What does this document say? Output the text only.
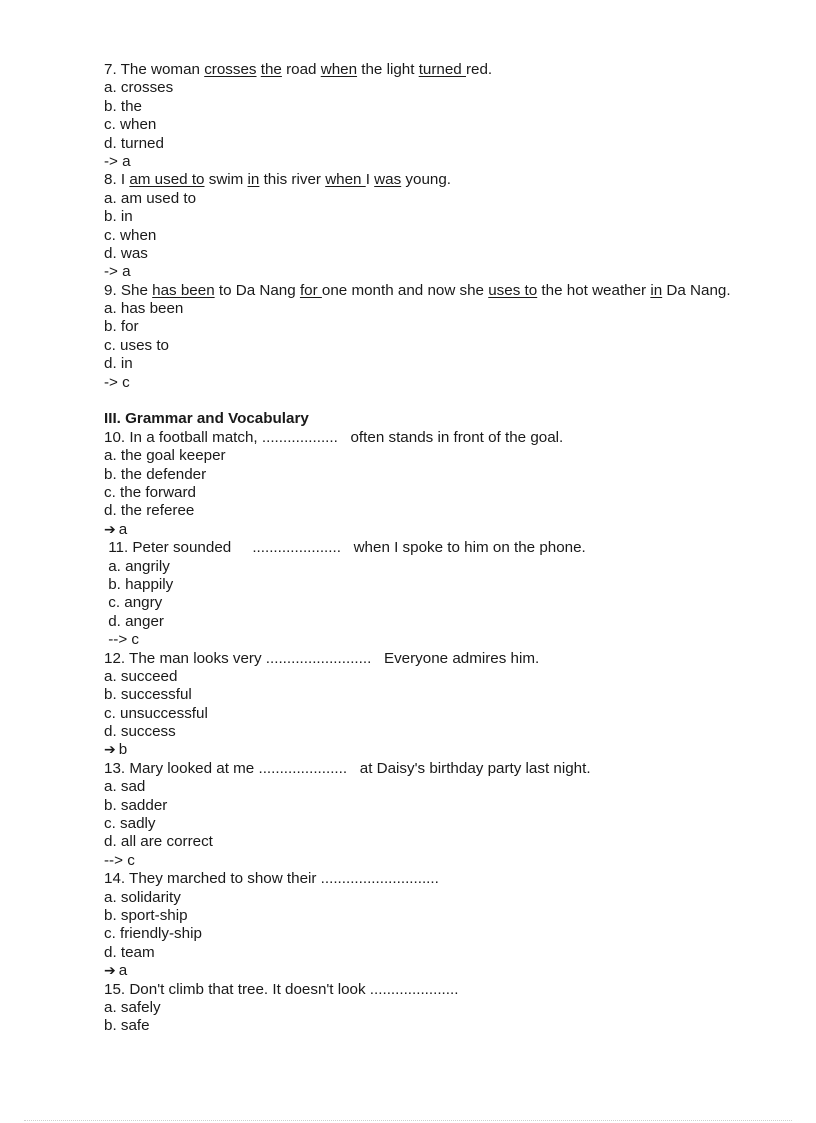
7. The woman crosses the road when the light turned red.
a. crosses
b. the
c. when
d. turned
-> a
8. I am used to swim in this river when I was young.
a. am used to
b. in
c. when
d. was
-> a
9. She has been to Da Nang for one month and now she uses to the hot weather in Da Nang.
a. has been
b. for
c. uses to
d. in
-> c
III. Grammar and Vocabulary
10. In a football match, ..................   often stands in front of the goal.
a. the goal keeper
b. the defender
c. the forward
d. the referee
➔ a
11. Peter sounded     .....................   when I spoke to him on the phone.
a. angrily
b. happily
c. angry
d. anger
--> c
12. The man looks very .........................   Everyone admires him.
a. succeed
b. successful
c. unsuccessful
d. success
➔ b
13. Mary looked at me .....................   at Daisy's birthday party last night.
a. sad
b. sadder
c. sadly
d. all are correct
--> c
14. They marched to show their ............................
a. solidarity
b. sport-ship
c. friendly-ship
d. team
➔ a
15. Don't climb that tree. It doesn't look .....................
a. safely
b. safe
